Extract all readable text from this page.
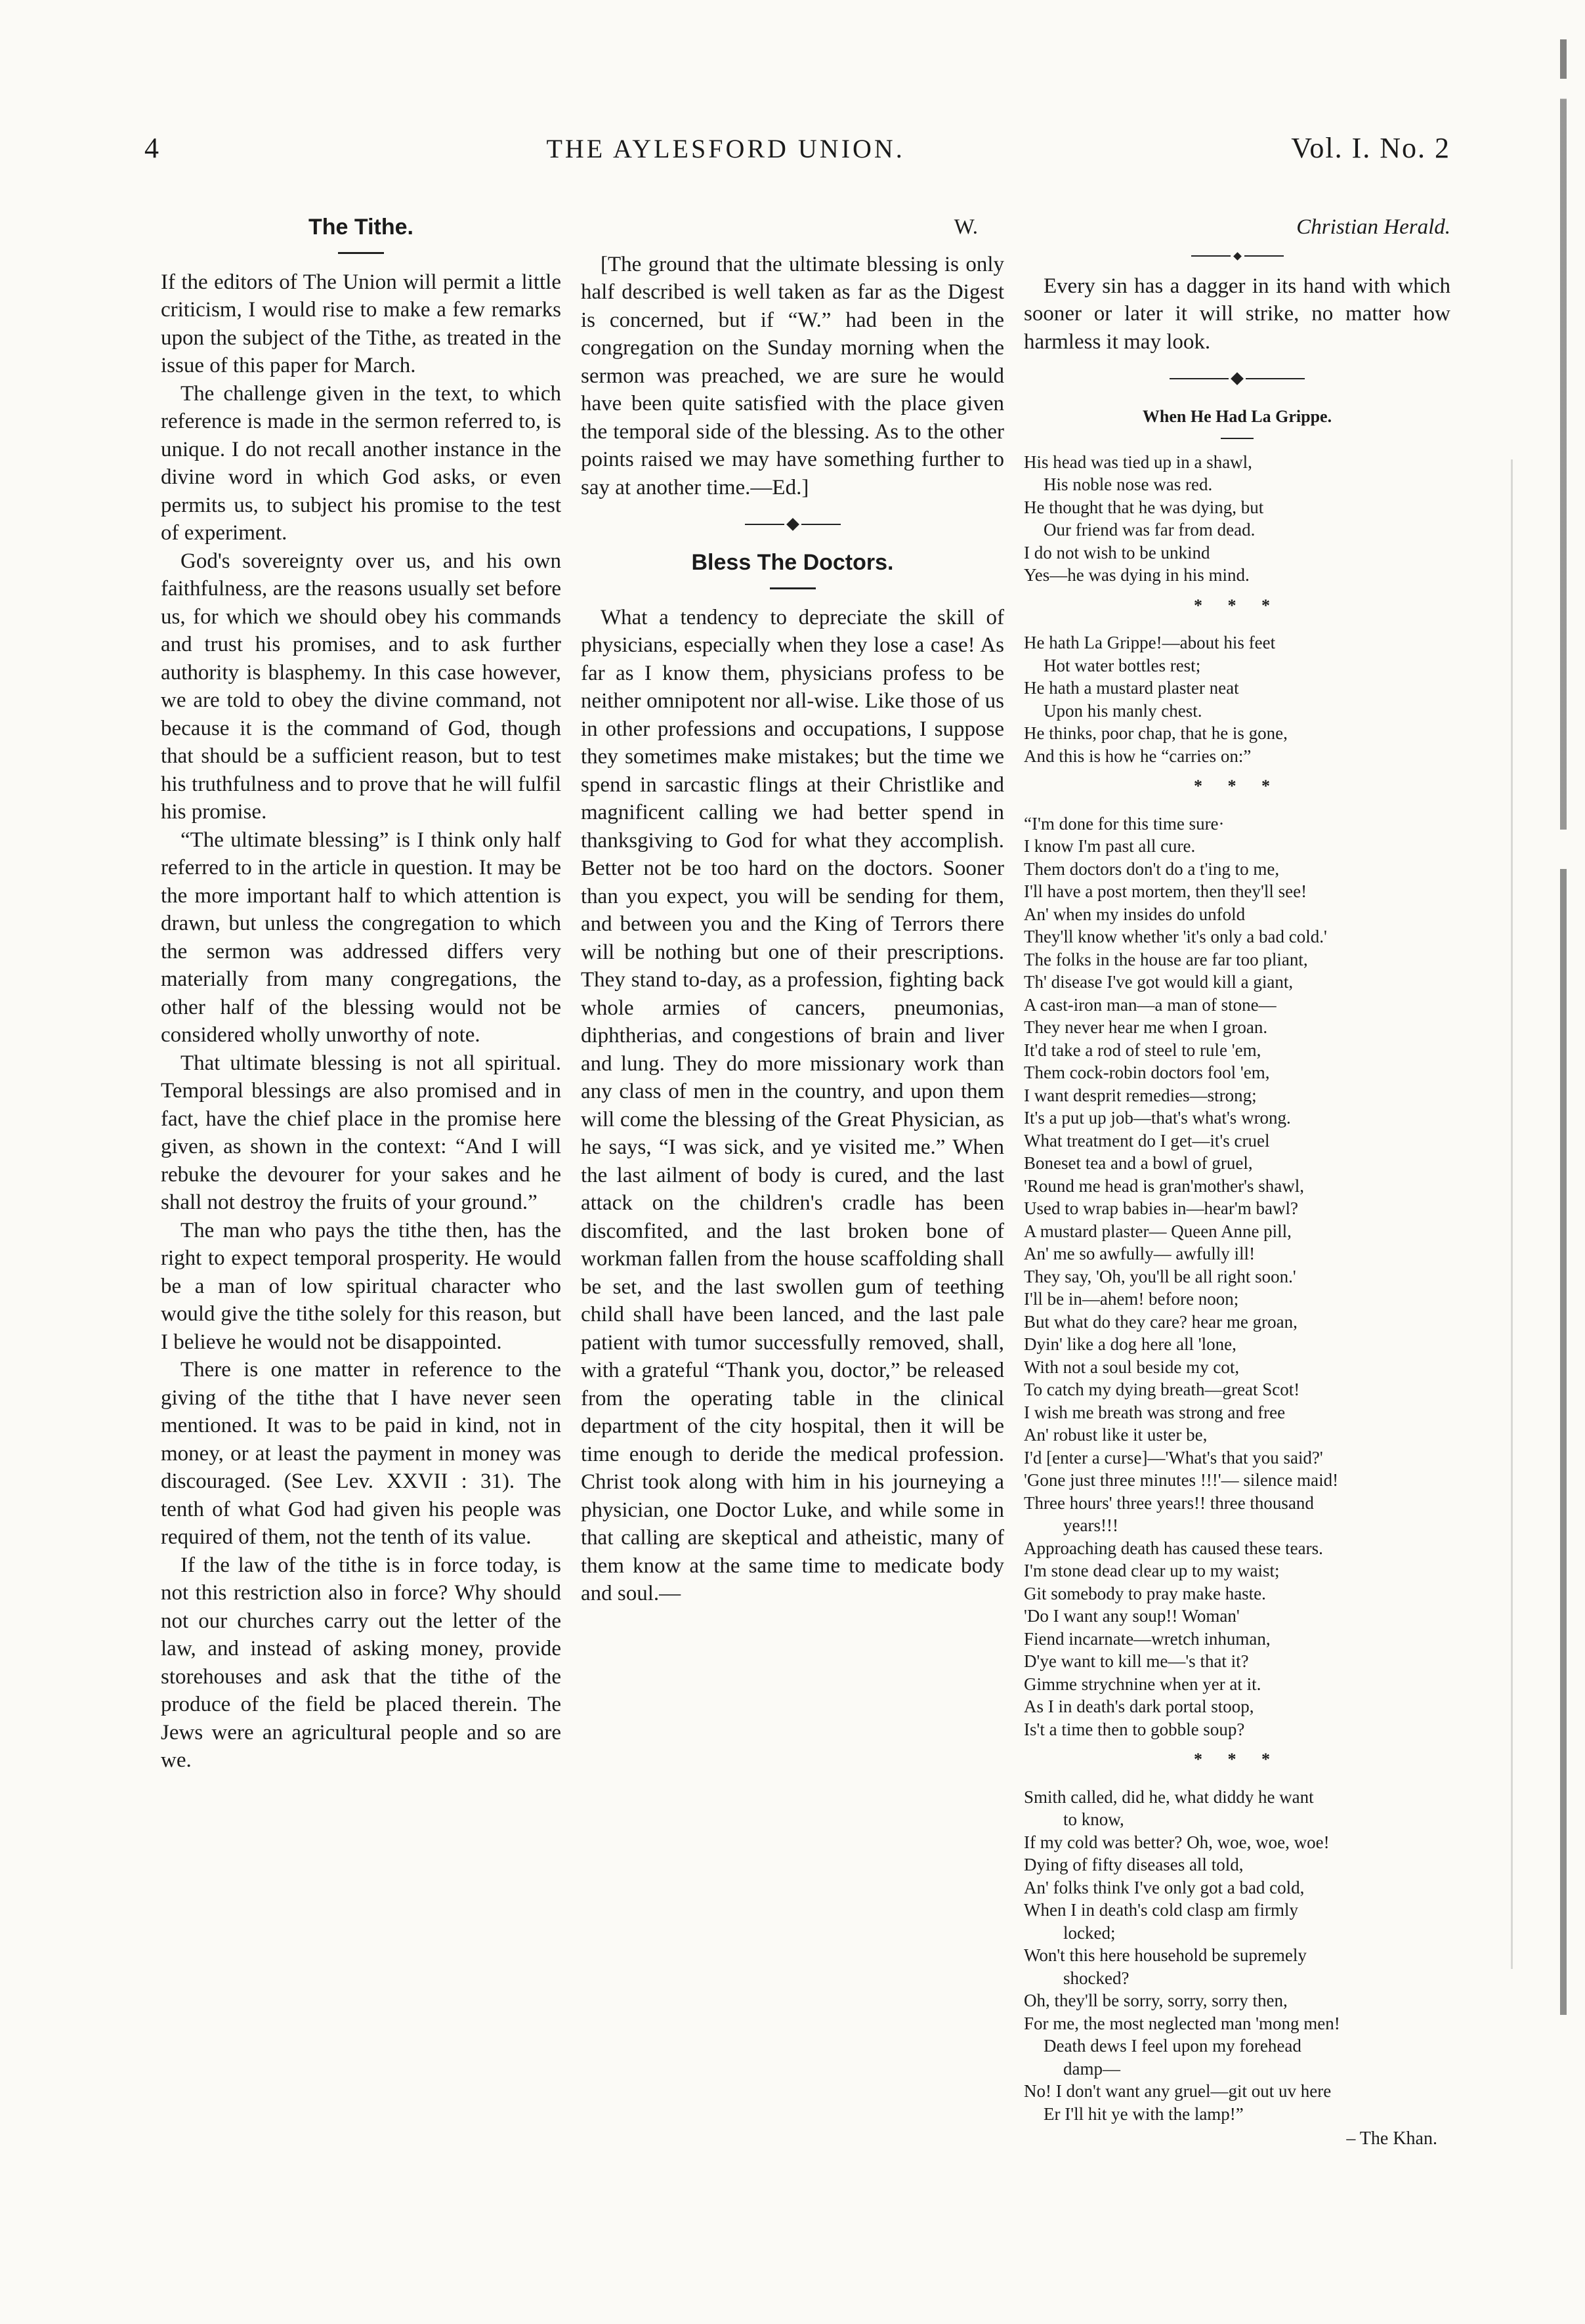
4	THE AYLESFORD UNION.	Vol. I. No. 2
The Tithe.

If the editors of The Union will permit a little criticism, I would rise to make a few remarks upon the subject of the Tithe, as treated in the issue of this paper for March.

The challenge given in the text, to which reference is made in the sermon referred to, is unique. I do not recall another instance in the divine word in which God asks, or even permits us, to subject his promise to the test of experiment.

God's sovereignty over us, and his own faithfulness, are the reasons usually set before us, for which we should obey his commands and trust his promises, and to ask further authority is blasphemy. In this case however, we are told to obey the divine command, not because it is the command of God, though that should be a sufficient reason, but to test his truthfulness and to prove that he will fulfil his promise.

“The ultimate blessing” is I think only half referred to in the article in question. It may be the more important half to which attention is drawn, but unless the congregation to which the sermon was addressed differs very materially from many congregations, the other half of the blessing would not be considered wholly unworthy of note.

That ultimate blessing is not all spiritual. Temporal blessings are also promised and in fact, have the chief place in the promise here given, as shown in the context: “And I will rebuke the devourer for your sakes and he shall not destroy the fruits of your ground.”

The man who pays the tithe then, has the right to expect temporal prosperity. He would be a man of low spiritual character who would give the tithe solely for this reason, but I believe he would not be disappointed.

There is one matter in reference to the giving of the tithe that I have never seen mentioned. It was to be paid in kind, not in money, or at least the payment in money was discouraged. (See Lev. XXVII : 31). The tenth of what God had given his people was required of them, not the tenth of its value.

If the law of the tithe is in force today, is not this restriction also in force? Why should not our churches carry out the letter of the law, and instead of asking money, provide storehouses and ask that the tithe of the produce of the field be placed therein. The Jews were an agricultural people and so are we.

W.

[The ground that the ultimate blessing is only half described is well taken as far as the Digest is concerned, but if “W.” had been in the congregation on the Sunday morning when the sermon was preached, we are sure he would have been quite satisfied with the place given the temporal side of the blessing. As to the other points raised we may have something further to say at another time.—Ed.]

Bless The Doctors.

What a tendency to depreciate the skill of physicians, especially when they lose a case! As far as I know them, physicians profess to be neither omnipotent nor all-wise. Like those of us in other professions and occupations, I suppose they sometimes make mistakes; but the time we spend in sarcastic flings at their Christlike and magnificent calling we had better spend in thanksgiving to God for what they accomplish. Better not be too hard on the doctors. Sooner than you expect, you will be sending for them, and between you and the King of Terrors there will be nothing but one of their prescriptions. They stand to-day, as a profession, fighting back whole armies of cancers, pneumonias, diphtherias, and congestions of brain and liver and lung. They do more missionary work than any class of men in the country, and upon them will come the blessing of the Great Physician, as he says, “I was sick, and ye visited me.” When the last ailment of body is cured, and the last attack on the children's cradle has been discomfited, and the last broken bone of workman fallen from the house scaffolding shall be set, and the last swollen gum of teething child shall have been lanced, and the last pale patient with tumor successfully removed, shall, with a grateful “Thank you, doctor,” be released from the operating table in the clinical department of the city hospital, then it will be time enough to deride the medical profession. Christ took along with him in his journeying a physician, one Doctor Luke, and while some in that calling are skeptical and atheistic, many of them know at the same time to medicate body and soul.—

Christian Herald.

Every sin has a dagger in its hand with which sooner or later it will strike, no matter how harmless it may look.

When He Had La Grippe.
His head was tied up in a shawl,
His noble nose was red.
He thought that he was dying, but
Our friend was far from dead.
I do not wish to be unkind
Yes—he was dying in his mind.
* * *
He hath La Grippe!—about his feet
Hot water bottles rest;
He hath a mustard plaster neat
Upon his manly chest.
He thinks, poor chap, that he is gone,
And this is how he “carries on:”
* * *
“I'm done for this time sure·
I know I'm past all cure.
Them doctors don't do a t'ing to me,
I'll have a post mortem, then they'll see!
An' when my insides do unfold
They'll know whether 'it's only a bad cold.'
The folks in the house are far too pliant,
Th' disease I've got would kill a giant,
A cast-iron man—a man of stone—
They never hear me when I groan.
It'd take a rod of steel to rule 'em,
Them cock-robin doctors fool 'em,
I want desprit remedies—strong;
It's a put up job—that's what's wrong.
What treatment do I get—it's cruel
Boneset tea and a bowl of gruel,
'Round me head is gran'mother's shawl,
Used to wrap babies in—hear'm bawl?
A mustard plaster— Queen Anne pill,
An' me so awfully— awfully ill!
They say, 'Oh, you'll be all right soon.'
I'll be in—ahem! before noon;
But what do they care? hear me groan,
Dyin' like a dog here all 'lone,
With not a soul beside my cot,
To catch my dying breath—great Scot!
I wish me breath was strong and free
An' robust like it uster be,
I'd [enter a curse]—'What's that you said?'
'Gone just three minutes !!!'— silence maid!
Three hours' three years!! three thousand
years!!!
Approaching death has caused these tears.
I'm stone dead clear up to my waist;
Git somebody to pray make haste.
'Do I want any soup!! Woman'
Fiend incarnate—wretch inhuman,
D'ye want to kill me—'s that it?
Gimme strychnine when yer at it.
As I in death's dark portal stoop,
Is't a time then to gobble soup?
* * *
Smith called, did he, what diddy he want
to know,
If my cold was better? Oh, woe, woe, woe!
Dying of fifty diseases all told,
An' folks think I've only got a bad cold,
When I in death's cold clasp am firmly
locked;
Won't this here household be supremely
shocked?
Oh, they'll be sorry, sorry, sorry then,
For me, the most neglected man 'mong men!
Death dews I feel upon my forehead
damp—
No! I don't want any gruel—git out uv here
Er I'll hit ye with the lamp!”
– The Khan.
